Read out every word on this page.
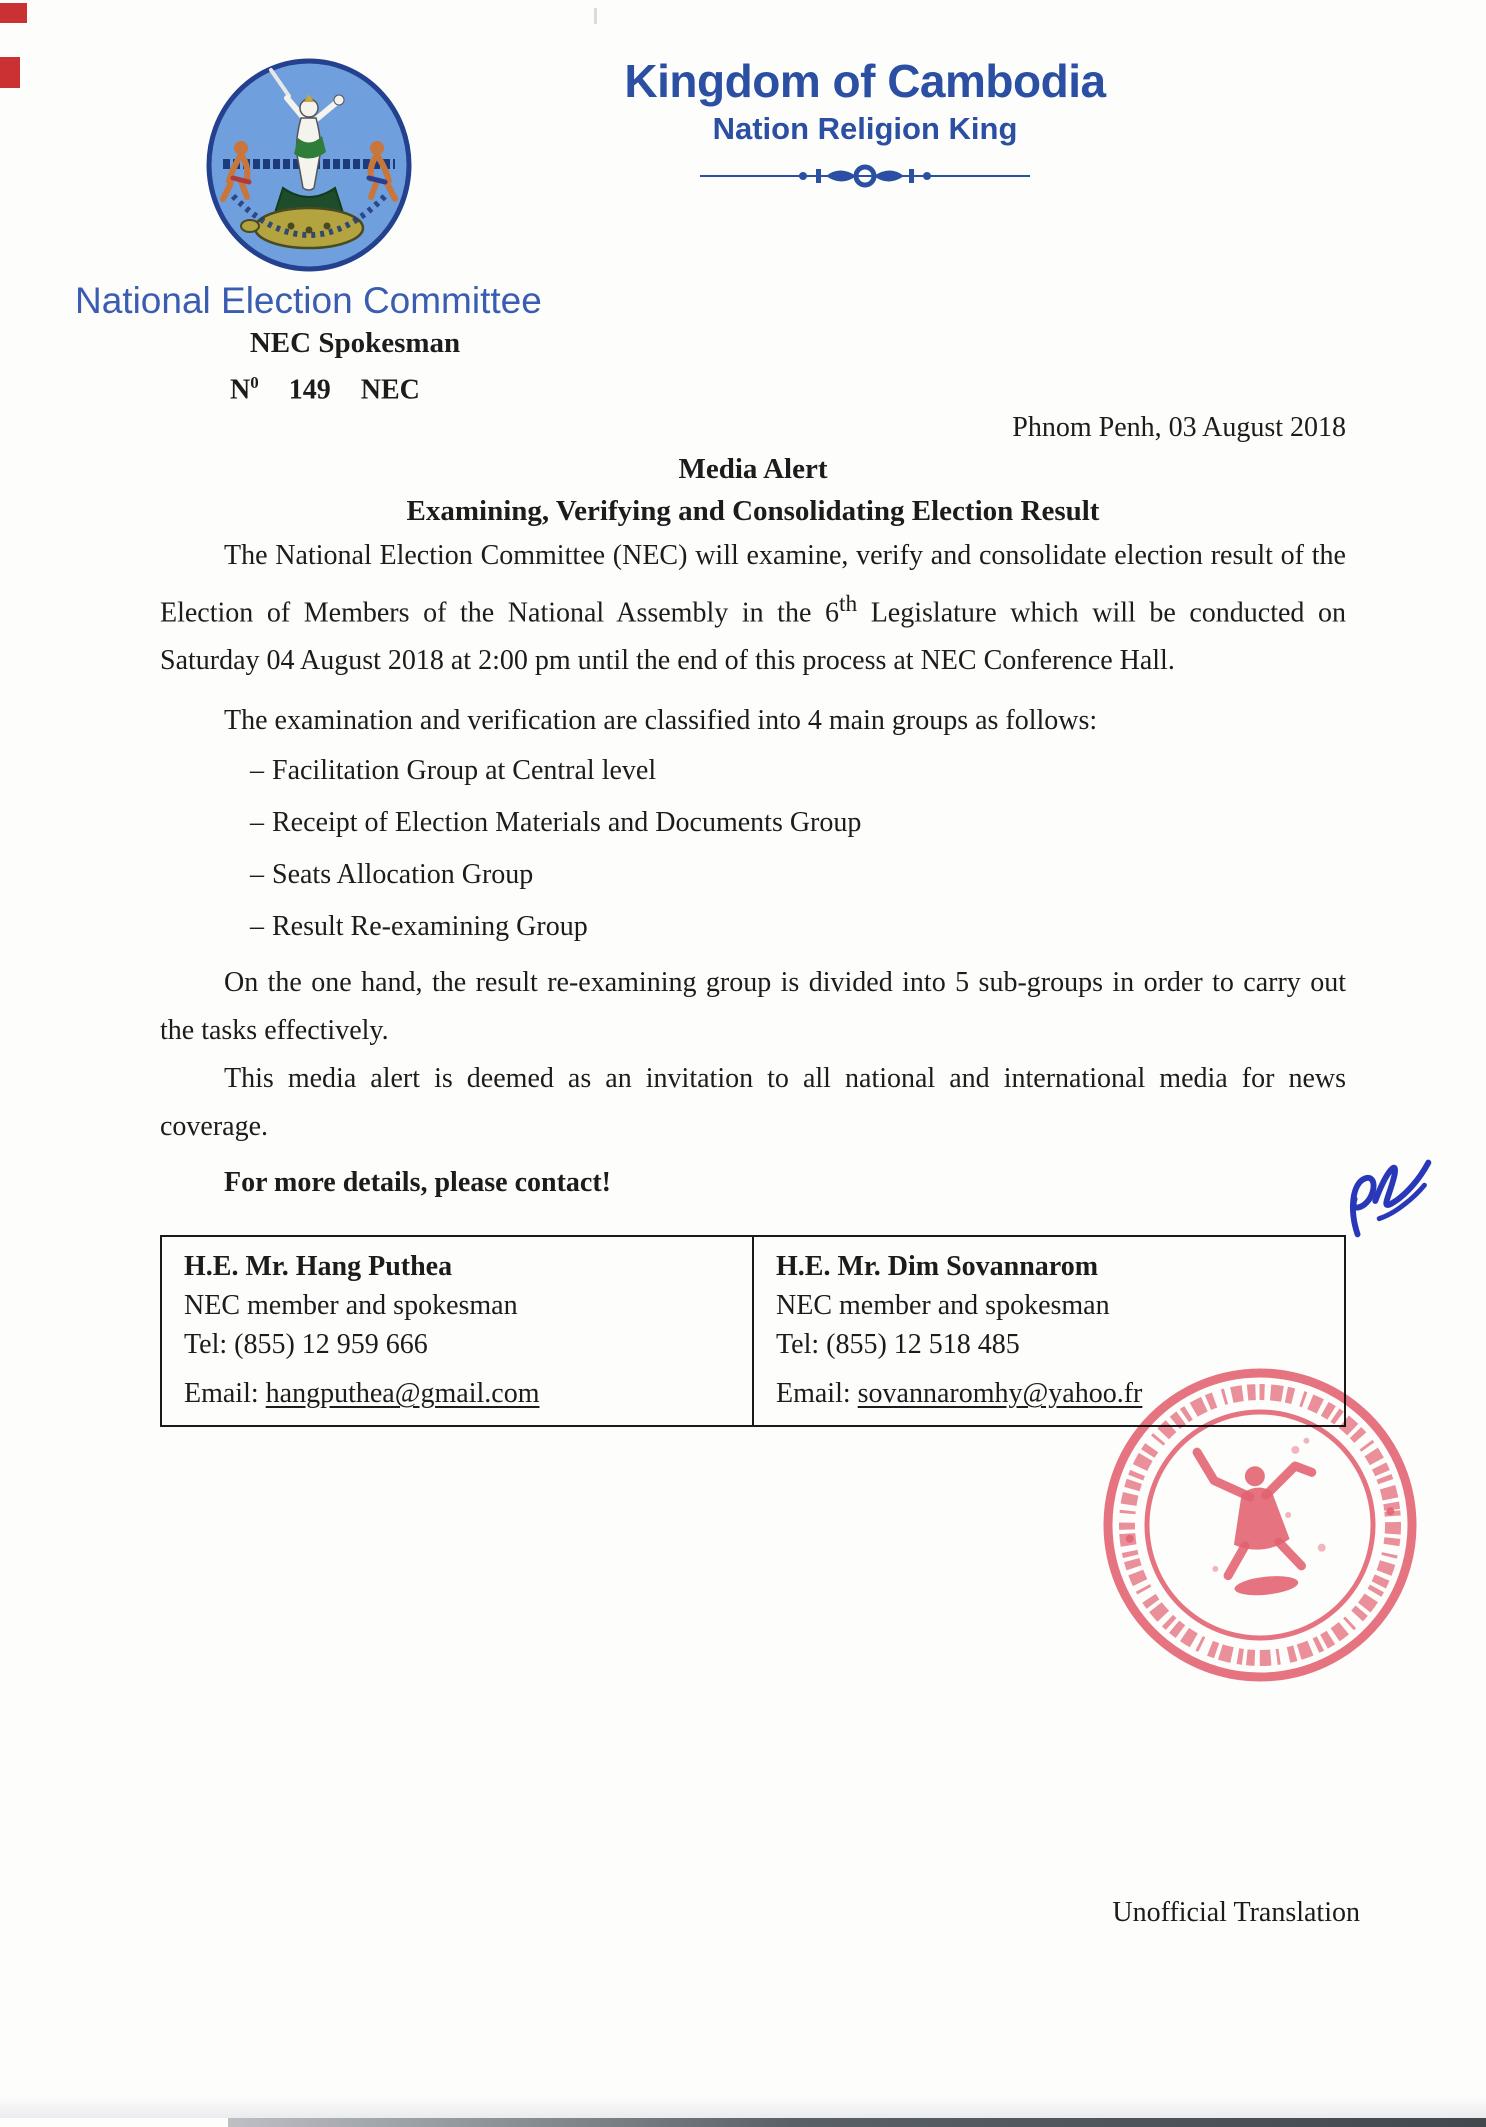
Kingdom of Cambodia
Nation Religion King
National Election Committee
NEC Spokesman
$N^0$ 149 NEC
Phnom Penh, 03 August 2018
Media Alert
Examining, Verifying and Consolidating Election Result

The National Election Committee (NEC) will examine, verify and consolidate election result of the Election of Members of the National Assembly in the 6th Legislature which will be conducted on Saturday 04 August 2018 at 2:00 pm until the end of this process at NEC Conference Hall.

The examination and verification are classified into 4 main groups as follows:

– Facilitation Group at Central level
– Receipt of Election Materials and Documents Group
– Seats Allocation Group
– Result Re-examining Group

On the one hand, the result re-examining group is divided into 5 sub-groups in order to carry out the tasks effectively.

This media alert is deemed as an invitation to all national and international media for news coverage.

For more details, please contact!

H.E. Mr. Hang Puthea
NEC member and spokesman
Tel: (855) 12 959 666
Email: hangputhea@gmail.com

H.E. Mr. Dim Sovannarom
NEC member and spokesman
Tel: (855) 12 518 485
Email: sovannaromhy@yahoo.fr
Unofficial Translation
